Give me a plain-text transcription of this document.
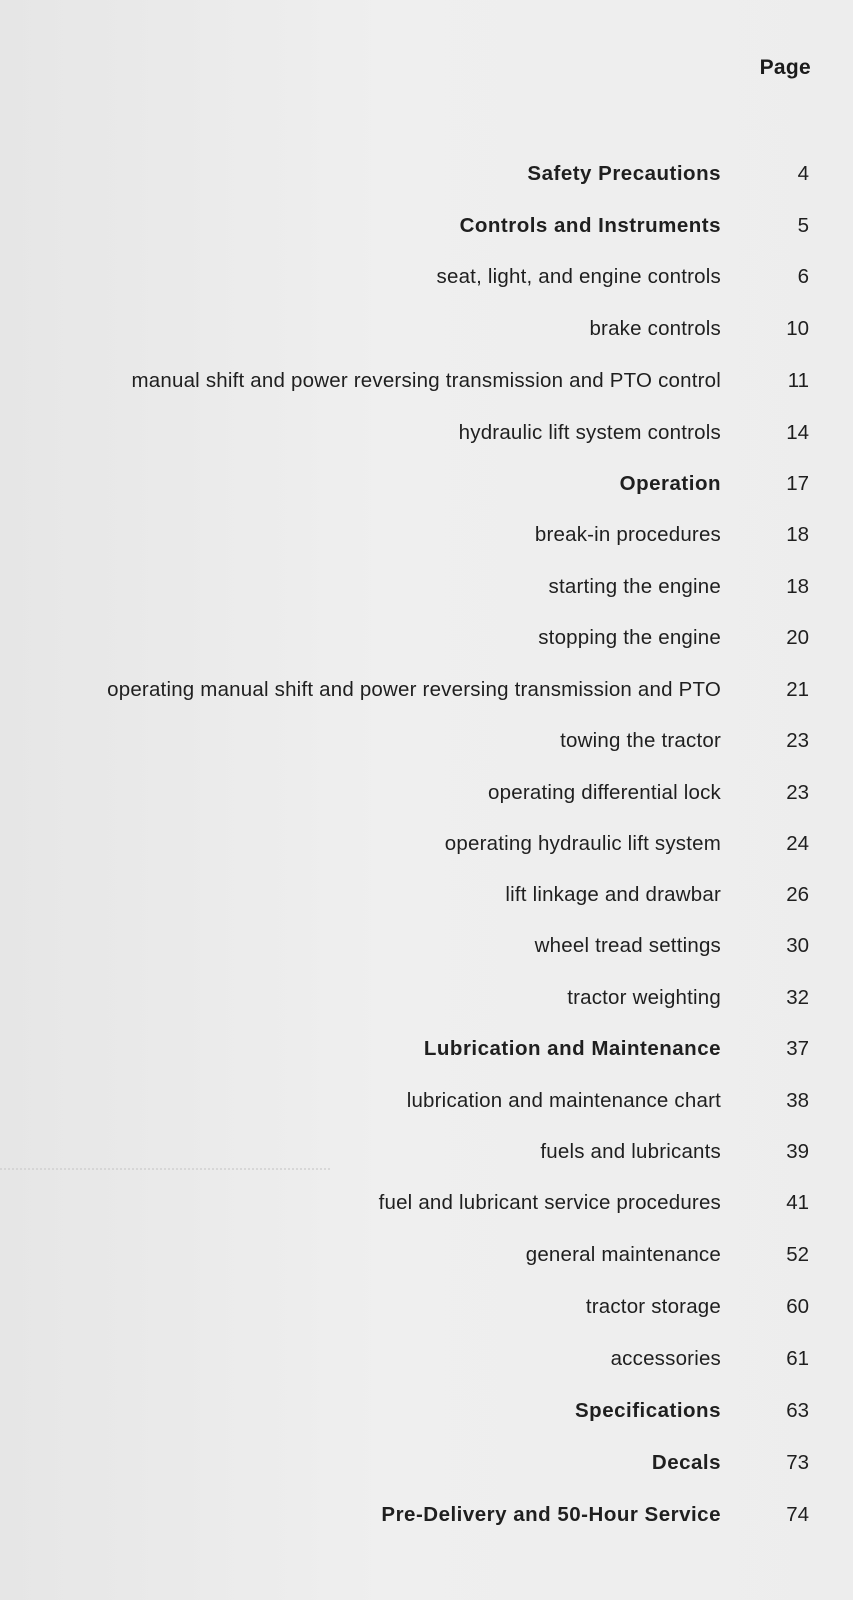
Page
Safety Precautions	4
Controls and Instruments	5
seat, light, and engine controls	6
brake controls	10
manual shift and power reversing transmission and PTO control	11
hydraulic lift system controls	14
Operation	17
break-in procedures	18
starting the engine	18
stopping the engine	20
operating manual shift and power reversing transmission and PTO	21
towing the tractor	23
operating differential lock	23
operating hydraulic lift system	24
lift linkage and drawbar	26
wheel tread settings	30
tractor weighting	32
Lubrication and Maintenance	37
lubrication and maintenance chart	38
fuels and lubricants	39
fuel and lubricant service procedures	41
general maintenance	52
tractor storage	60
accessories	61
Specifications	63
Decals	73
Pre-Delivery and 50-Hour Service	74
